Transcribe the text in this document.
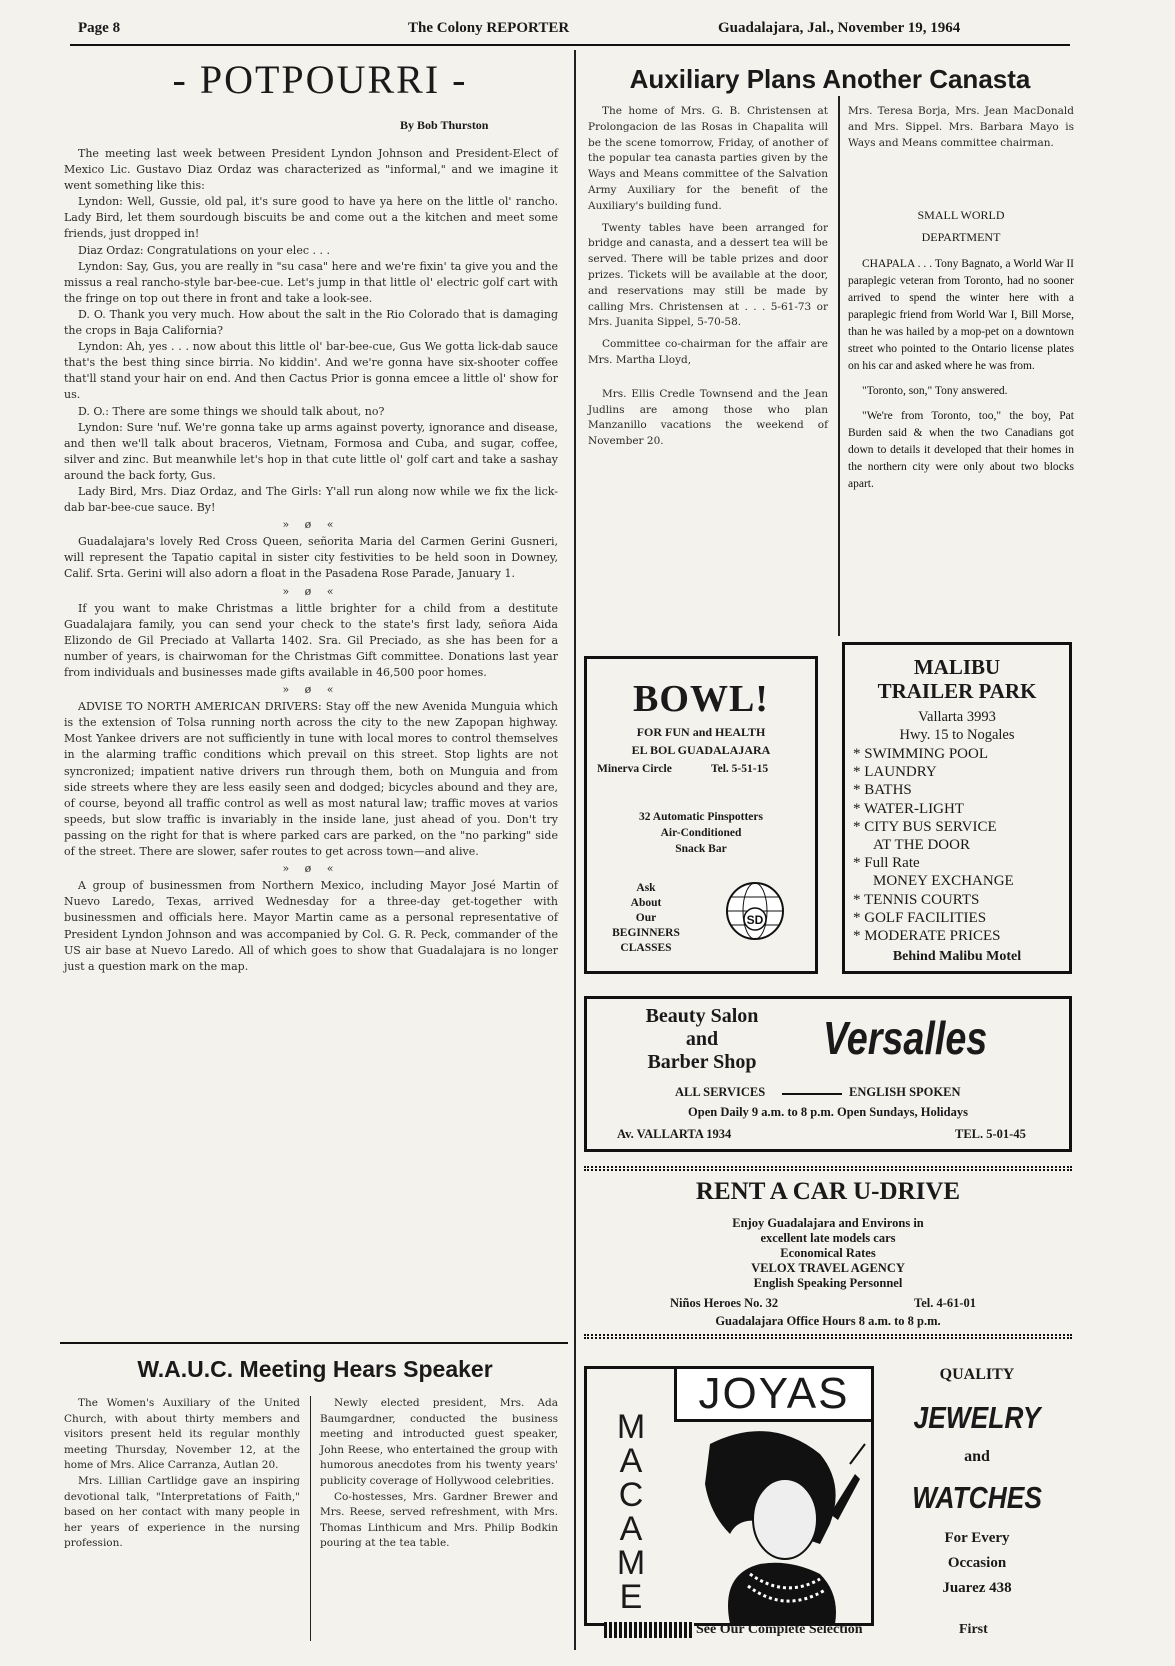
Page 8	The Colony REPORTER	Guadalajara, Jal., November 19, 1964
- POTPOURRI -
By Bob Thurston

The meeting last week between President Lyndon Johnson and President-Elect of Mexico Lic. Gustavo Diaz Ordaz was characterized as "informal," and we imagine it went something like this:

Lyndon: Well, Gussie, old pal, it's sure good to have ya here on the little ol' rancho. Lady Bird, let them sourdough biscuits be and come out a the kitchen and meet some friends, just dropped in!

Diaz Ordaz: Congratulations on your elec . . .

Lyndon: Say, Gus, you are really in "su casa" here and we're fixin' ta give you and the missus a real rancho-style bar-bee-cue. Let's jump in that little ol' electric golf cart with the fringe on top out there in front and take a look-see.

D. O. Thank you very much. How about the salt in the Rio Colorado that is damaging the crops in Baja California?

Lyndon: Ah, yes . . . now about this little ol' bar-bee-cue, Gus We gotta lick-dab sauce that's the best thing since birria. No kiddin'. And we're gonna have six-shooter coffee that'll stand your hair on end. And then Cactus Prior is gonna emcee a little ol' show for us.

D. O.: There are some things we should talk about, no?

Lyndon: Sure 'nuf. We're gonna take up arms against poverty, ignorance and disease, and then we'll talk about braceros, Vietnam, Formosa and Cuba, and sugar, coffee, silver and zinc. But meanwhile let's hop in that cute little ol' golf cart and take a sashay around the back forty, Gus.

Lady Bird, Mrs. Diaz Ordaz, and The Girls: Y'all run along now while we fix the lick-dab bar-bee-cue sauce. By!

» ø «

Guadalajara's lovely Red Cross Queen, señorita Maria del Carmen Gerini Gusneri, will represent the Tapatio capital in sister city festivities to be held soon in Downey, Calif. Srta. Gerini will also adorn a float in the Pasadena Rose Parade, January 1.

» ø «

If you want to make Christmas a little brighter for a child from a destitute Guadalajara family, you can send your check to the state's first lady, señora Aida Elizondo de Gil Preciado at Vallarta 1402. Sra. Gil Preciado, as she has been for a number of years, is chairwoman for the Christmas Gift committee. Donations last year from individuals and businesses made gifts available in 46,500 poor homes.

» ø «

ADVISE TO NORTH AMERICAN DRIVERS: Stay off the new Avenida Munguia which is the extension of Tolsa running north across the city to the new Zapopan highway. Most Yankee drivers are not sufficiently in tune with local mores to control themselves in the alarming traffic conditions which prevail on this street. Stop lights are not syncronized; impatient native drivers run through them, both on Munguia and from side streets where they are less easily seen and dodged; bicycles abound and they are, of course, beyond all traffic control as well as most natural law; traffic moves at varios speeds, but slow traffic is invariably in the inside lane, just ahead of you. Don't try passing on the right for that is where parked cars are parked, on the "no parking" side of the street. There are slower, safer routes to get across town—and alive.

» ø «

A group of businessmen from Northern Mexico, including Mayor José Martin of Nuevo Laredo, Texas, arrived Wednesday for a three-day get-together with businessmen and officials here. Mayor Martin came as a personal representative of President Lyndon Johnson and was accompanied by Col. G. R. Peck, commander of the US air base at Nuevo Laredo. All of which goes to show that Guadalajara is no longer just a question mark on the map.

W.A.U.C. Meeting Hears Speaker

The Women's Auxiliary of the United Church, with about thirty members and visitors present held its regular monthly meeting Thursday, November 12, at the home of Mrs. Alice Carranza, Autlan 20.

Mrs. Lillian Cartlidge gave an inspiring devotional talk, "Interpretations of Faith," based on her contact with many people in her years of experience in the nursing profession.

Newly elected president, Mrs. Ada Baumgardner, conducted the business meeting and introducted guest speaker, John Reese, who entertained the group with humorous anecdotes from his twenty years' publicity coverage of Hollywood celebrities.

Co-hostesses, Mrs. Gardner Brewer and Mrs. Reese, served refreshment, with Mrs. Thomas Linthicum and Mrs. Philip Bodkin pouring at the tea table.

Auxiliary Plans Another Canasta

The home of Mrs. G. B. Christensen at Prolongacion de las Rosas in Chapalita will be the scene tomorrow, Friday, of another of the popular tea canasta parties given by the Ways and Means committee of the Salvation Army Auxiliary for the benefit of the Auxiliary's building fund.

Twenty tables have been arranged for bridge and canasta, and a dessert tea will be served. There will be table prizes and door prizes. Tickets will be available at the door, and reservations may still be made by calling Mrs. Christensen at . . . 5-61-73 or Mrs. Juanita Sippel, 5-70-58.

Committee co-chairman for the affair are Mrs. Martha Lloyd,

Mrs. Ellis Credle Townsend and the Jean Judlins are among those who plan Manzanillo vacations the weekend of November 20.

Mrs. Teresa Borja, Mrs. Jean MacDonald and Mrs. Sippel. Mrs. Barbara Mayo is Ways and Means committee chairman.

SMALL WORLD
DEPARTMENT

CHAPALA . . . Tony Bagnato, a World War II paraplegic veteran from Toronto, had no sooner arrived to spend the winter here with a paraplegic friend from World War I, Bill Morse, than he was hailed by a mop-pet on a downtown street who pointed to the Ontario license plates on his car and asked where he was from.

"Toronto, son," Tony answered.

"We're from Toronto, too," the boy, Pat Burden said & when the two Canadians got down to details it developed that their homes in the northern city were only about two blocks apart.

BOWL!
FOR FUN and HEALTH
EL BOL GUADALAJARA
Minerva Circle	Tel. 5-51-15
32 Automatic Pinspotters
Air-Conditioned
Snack Bar
Ask
About
Our
BEGINNERS
CLASSES
SD
MALIBU
TRAILER PARK
Vallarta 3993
Hwy. 15 to Nogales
* SWIMMING POOL
* LAUNDRY
* BATHS
* WATER-LIGHT
* CITY BUS SERVICE
AT THE DOOR
* Full Rate
MONEY EXCHANGE
* TENNIS COURTS
* GOLF FACILITIES
* MODERATE PRICES
Behind Malibu Motel
Beauty Salon
and
Barber Shop	Versalles
ALL SERVICES	ENGLISH SPOKEN
Open Daily 9 a.m. to 8 p.m. Open Sundays, Holidays
Av. VALLARTA 1934	TEL. 5-01-45
RENT A CAR U-DRIVE
Enjoy Guadalajara and Environs in
excellent late models cars
Economical Rates
VELOX TRAVEL AGENCY
English Speaking Personnel
Niños Heroes No. 32	Tel. 4-61-01
Guadalajara Office Hours 8 a.m. to 8 p.m.
JOYAS
M
A
C
A
M
E
QUALITY
JEWELRY
and
WATCHES
For Every
Occasion
Juarez 438
See Our Complete Selection	First
